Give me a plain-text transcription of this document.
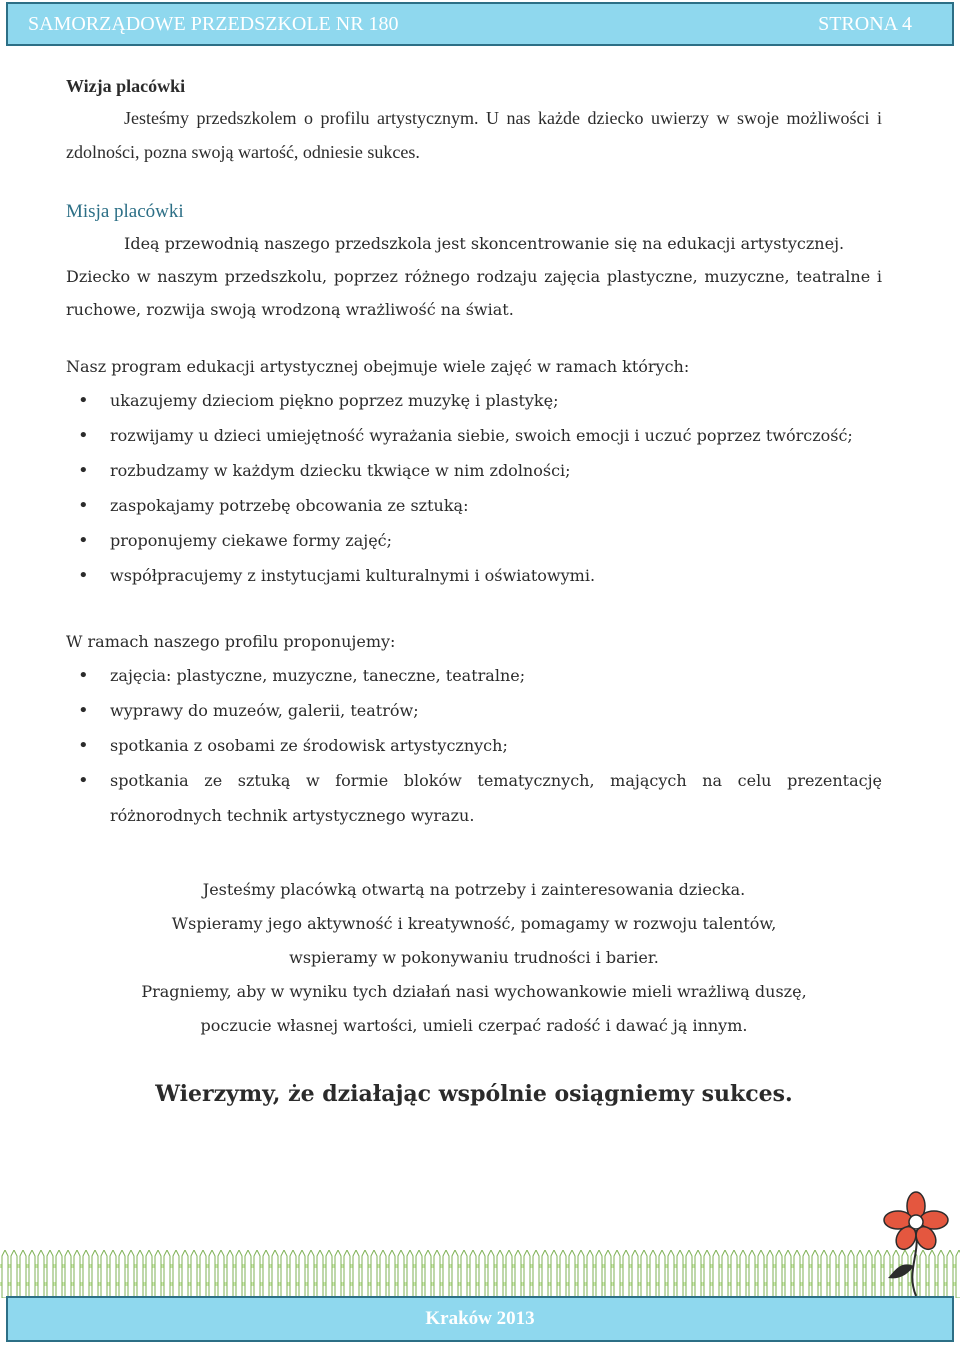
SAMORZĄDOWE PRZEDSZKOLE NR 180	STRONA 4

Wizja placówki

Jesteśmy przedszkolem o profilu artystycznym. U nas każde dziecko uwierzy w swoje możliwości i zdolności, pozna swoją wartość, odniesie sukces.

Misja placówki

Ideą przewodnią naszego przedszkola jest skoncentrowanie się na edukacji artystycznej.

Dziecko w naszym przedszkolu, poprzez różnego rodzaju zajęcia plastyczne, muzyczne, teatralne i ruchowe, rozwija swoją wrodzoną wrażliwość na świat.

Nasz program edukacji artystycznej obejmuje wiele zajęć w ramach których:

• ukazujemy dzieciom piękno poprzez muzykę i plastykę;
• rozwijamy u dzieci umiejętność wyrażania siebie, swoich emocji i uczuć poprzez twórczość;
• rozbudzamy w każdym dziecku tkwiące w nim zdolności;
• zaspokajamy potrzebę obcowania ze sztuką:
• proponujemy ciekawe formy zajęć;
• współpracujemy z instytucjami kulturalnymi i oświatowymi.

W ramach naszego profilu proponujemy:

• zajęcia: plastyczne, muzyczne, taneczne, teatralne;
• wyprawy do muzeów, galerii, teatrów;
• spotkania z osobami ze środowisk artystycznych;
• spotkania ze sztuką w formie bloków tematycznych, mających na celu prezentację różnorodnych technik artystycznego wyrazu.

Jesteśmy placówką otwartą na potrzeby i zainteresowania dziecka.

Wspieramy jego aktywność i kreatywność, pomagamy w rozwoju talentów,

wspieramy w pokonywaniu trudności i barier.

Pragniemy, aby w wyniku tych działań nasi wychowankowie mieli wrażliwą duszę,

poczucie własnej wartości, umieli czerpać radość i dawać ją innym.

Wierzymy, że działając wspólnie osiągniemy sukces.

Kraków 2013
